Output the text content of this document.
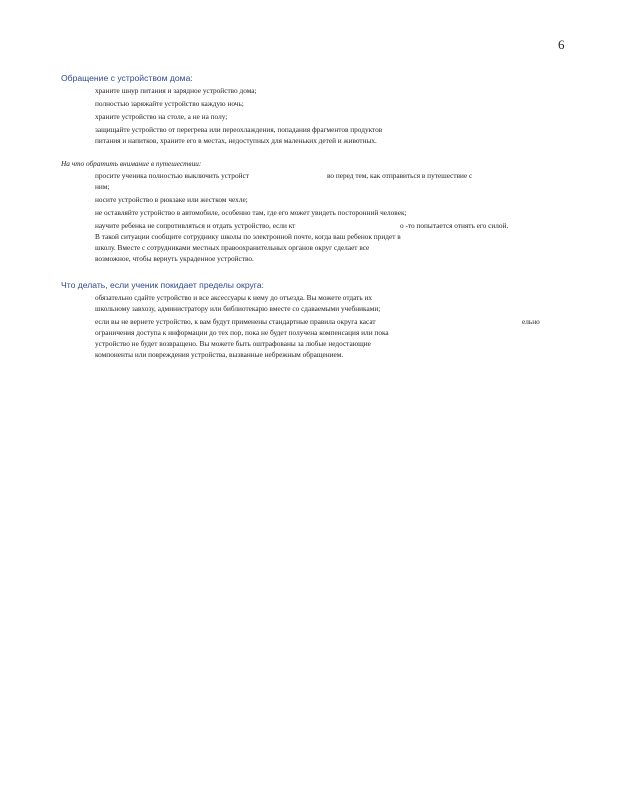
6
Обращение с устройством дома:
храните шнур питания и зарядное устройство дома;
полностью заряжайте устройство каждую ночь;
храните устройство на столе, а не на полу;
защищайте устройство от перегрева или переохлаждения, попадания фрагментов продуктов
питания и напитков, храните его в местах, недоступных для маленьких детей и животных.
На что обратить внимание в путешествии:
просите ученика полностью выключить устройст	во перед тем, как отправиться в путешествие с
ним;
носите устройство в рюкзаке или жестком чехле;
не оставляйте устройство в автомобиле, особенно там, где его может увидеть посторонний человек;
научите ребенка не сопротивляться и отдать устройство, если кт	о -то попытается отнять его силой.
В такой ситуации сообщите сотруднику школы по электронной почте, когда ваш ребенок придет в
школу. Вместе с сотрудниками местных правоохранительных органов округ сделает все
возможное, чтобы вернуть украденное устройство.
Что делать, если ученик покидает пределы округа:
обязательно сдайте устройство и все аксессуары к нему до отъезда. Вы можете отдать их
школьному завхозу, администратору или библиотекарю вместе со сдаваемыми учебниками;
если вы не вернете устройство, к вам будут применены стандартные правила округа касат	ельно
ограничения доступа к информации до тех пор, пока не будет получена компенсация или пока
устройство не будет возвращено. Вы можете быть оштрафованы за любые недостающие
компоненты или повреждения устройства, вызванные небрежным обращением.
